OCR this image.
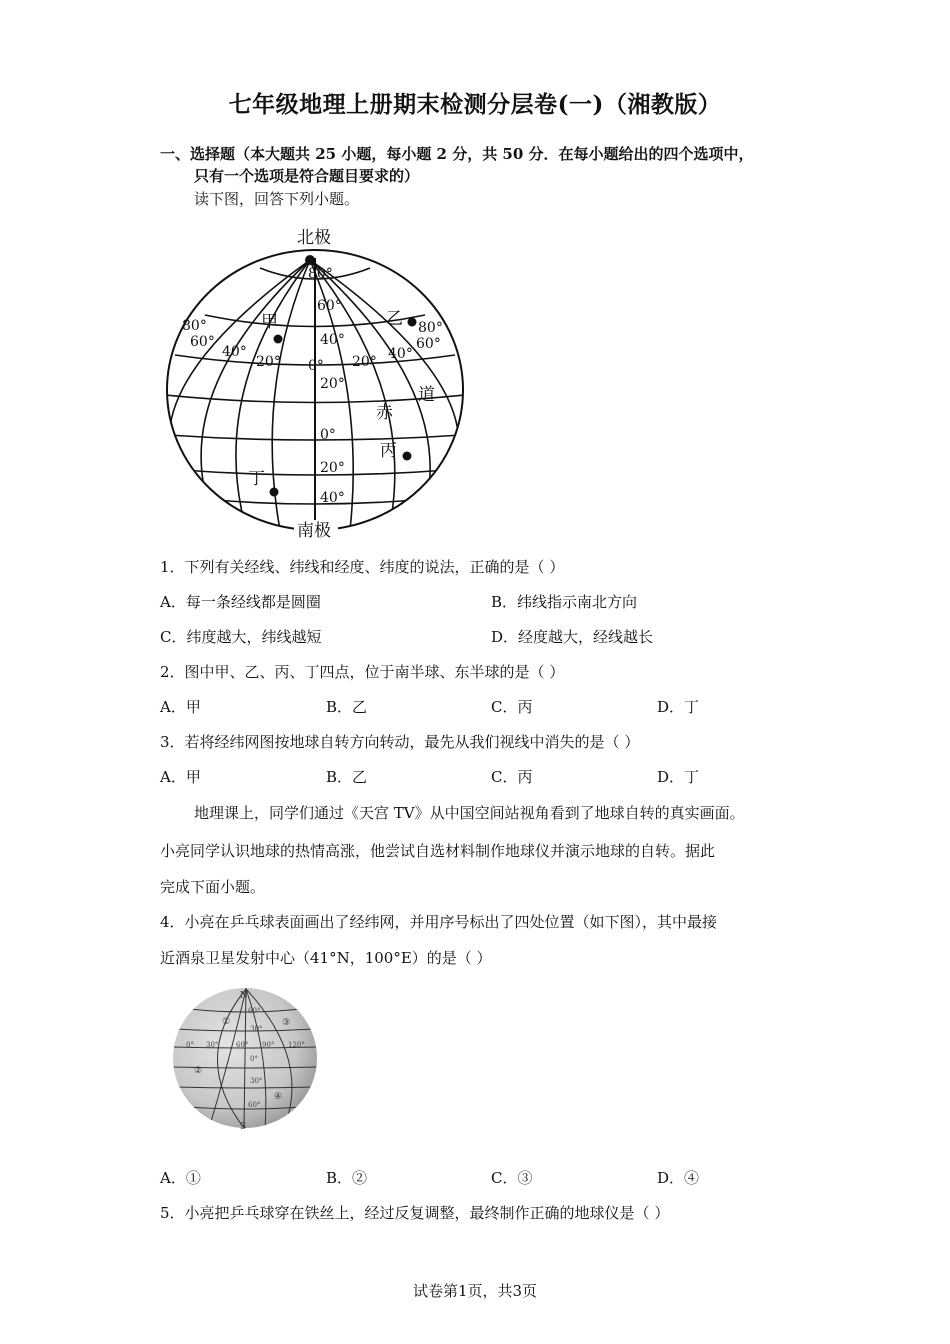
七年级地理上册期末检测分层卷(一)（湘教版）
一、选择题（本大题共 25 小题，每小题 2 分，共 50 分．在每小题给出的四个选项中，
只有一个选项是符合题目要求的）
读下图，回答下列小题。
北极
南极
甲	乙
丙
丁
赤
道
80°
60°
40°
20°
0°
20°
40°
80°
60°
40°
20° 0° 20° 40°
60°
80°
1．下列有关经线、纬线和经度、纬度的说法，正确的是（ ）
A．每一条经线都是圆圈	B．纬线指示南北方向
C．纬度越大，纬线越短	D．经度越大，经线越长
2．图中甲、乙、丙、丁四点，位于南半球、东半球的是（ ）
A．甲	B．乙	C．丙	D．丁
3．若将经纬网图按地球自转方向转动，最先从我们视线中消失的是（ ）
A．甲	B．乙	C．丙	D．丁
地理课上，同学们通过《天宫 TV》从中国空间站视角看到了地球自转的真实画面。
小亮同学认识地球的热情高涨，他尝试自选材料制作地球仪并演示地球的自转。据此
完成下面小题。
4．小亮在乒乓球表面画出了经纬网，并用序号标出了四处位置（如下图），其中最接
近酒泉卫星发射中心（41°N，100°E）的是（ ）
N
S
①
②
③
④
60°
30°
0°
30°
60°
0° 30°	60° 90° 120°
A．①	B．②	C．③	D．④
5．小亮把乒乓球穿在铁丝上，经过反复调整，最终制作正确的地球仪是（ ）
试卷第1页，共3页
